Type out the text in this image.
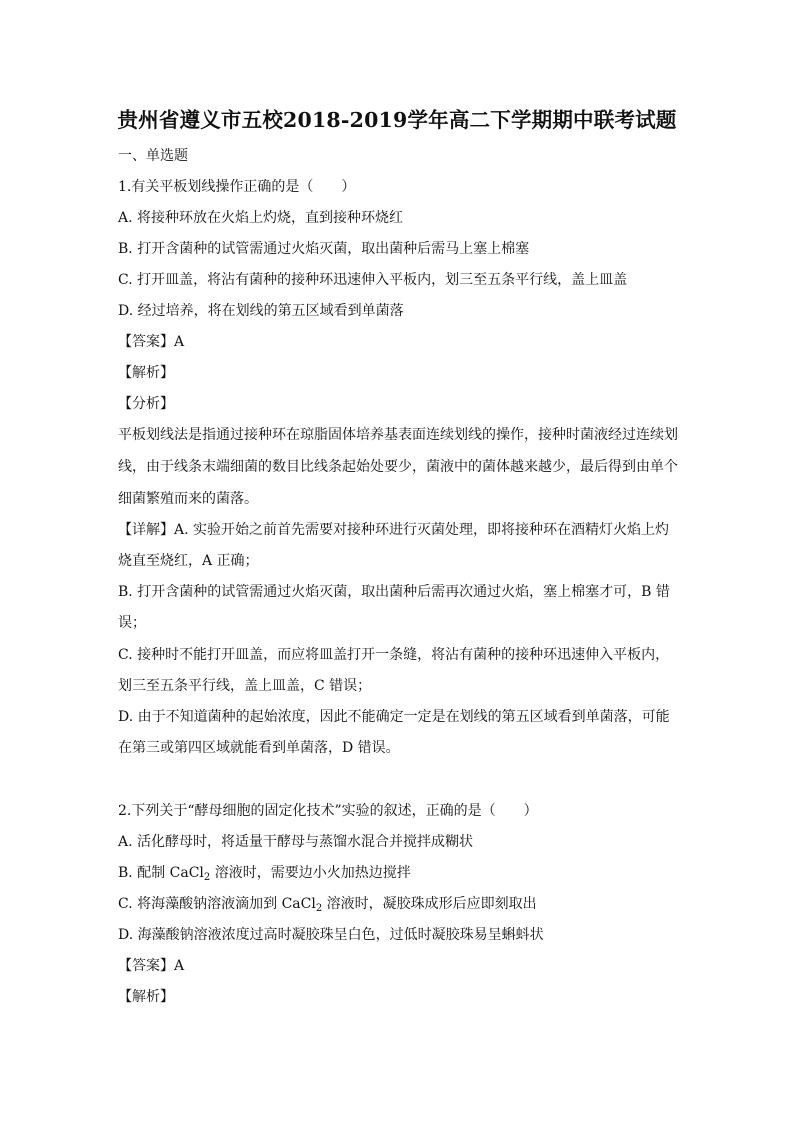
贵州省遵义市五校2018-2019学年高二下学期期中联考试题
一、单选题
1.有关平板划线操作正确的是（　　）
A. 将接种环放在火焰上灼烧，直到接种环烧红
B. 打开含菌种的试管需通过火焰灭菌，取出菌种后需马上塞上棉塞
C. 打开皿盖，将沾有菌种的接种环迅速伸入平板内，划三至五条平行线，盖上皿盖
D. 经过培养，将在划线的第五区域看到单菌落
【答案】A
【解析】
【分析】
平板划线法是指通过接种环在琼脂固体培养基表面连续划线的操作，接种时菌液经过连续划
线，由于线条末端细菌的数目比线条起始处要少，菌液中的菌体越来越少，最后得到由单个
细菌繁殖而来的菌落。
【详解】A. 实验开始之前首先需要对接种环进行灭菌处理，即将接种环在酒精灯火焰上灼
烧直至烧红，A 正确；
B. 打开含菌种的试管需通过火焰灭菌，取出菌种后需再次通过火焰，塞上棉塞才可，B 错
误；
C. 接种时不能打开皿盖，而应将皿盖打开一条缝，将沾有菌种的接种环迅速伸入平板内，
划三至五条平行线，盖上皿盖，C 错误；
D. 由于不知道菌种的起始浓度，因此不能确定一定是在划线的第五区域看到单菌落，可能
在第三或第四区域就能看到单菌落，D 错误。
2.下列关于“酵母细胞的固定化技术”实验的叙述，正确的是（　　）
A. 活化酵母时，将适量干酵母与蒸馏水混合并搅拌成糊状
B. 配制 CaCl$_2$ 溶液时，需要边小火加热边搅拌
C. 将海藻酸钠溶液滴加到 CaCl$_2$ 溶液时，凝胶珠成形后应即刻取出
D. 海藻酸钠溶液浓度过高时凝胶珠呈白色，过低时凝胶珠易呈蝌蚪状
【答案】A
【解析】
